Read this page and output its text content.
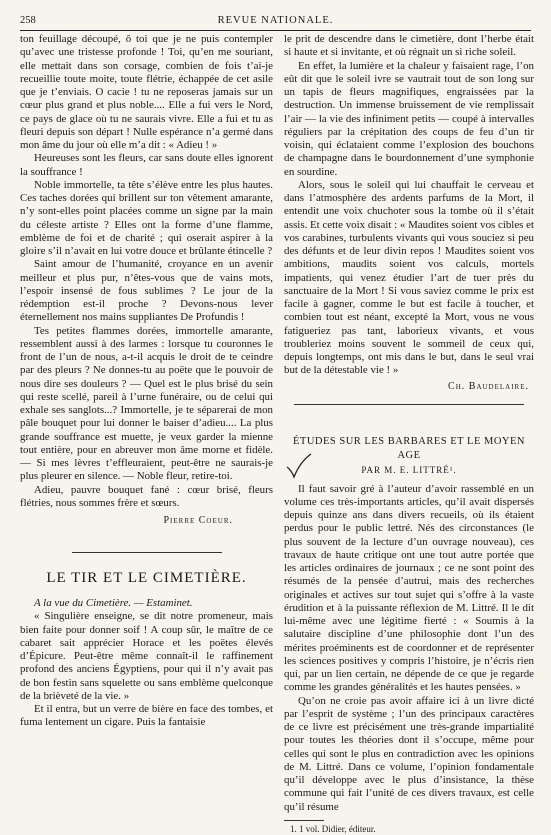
258	REVUE NATIONALE.

ton feuillage découpé, ô toi que je ne puis contempler qu’avec une tristesse profonde ! Toi, qu’en me souriant, elle mettait dans son corsage, combien de fois t’ai-je recueillie toute moite, toute flétrie, échappée de cet asile que je t’enviais. O cacie ! tu ne reposeras jamais sur un cœur plus grand et plus noble.... Elle a fui vers le Nord, ce pays de glace où tu ne saurais vivre. Elle a fui et tu as fleuri depuis son départ ! Nulle espérance n’a germé dans mon âme du jour où elle m’a dit : « Adieu ! »

Heureuses sont les fleurs, car sans doute elles ignorent la souffrance !

Noble immortelle, ta tête s’élève entre les plus hautes. Ces taches dorées qui brillent sur ton vêtement amarante, n’y sont-elles point placées comme un signe par la main du céleste artiste ? Elles ont la forme d’une flamme, emblème de foi et de charité ; qui oserait aspirer à la gloire s’il n’avait en lui votre douce et brûlante étincelle ?

Saint amour de l’humanité, croyance en un avenir meilleur et plus pur, n’êtes-vous que de vains mots, l’espoir insensé de fous sublimes ? Le jour de la rédemption est-il proche ? Devons-nous lever éternellement nos mains suppliantes De Profundis !

Tes petites flammes dorées, immortelle amarante, ressemblent aussi à des larmes : lorsque tu couronnes le front de l’un de nous, a-t-il acquis le droit de te ceindre par des pleurs ? Ne donnes-tu au poëte que le pouvoir de nous dire ses douleurs ? — Quel est le plus brisé du sein qui reste scellé, pareil à l’urne funéraire, ou de celui qui exhale ses sanglots...? Immortelle, je te séparerai de mon pâle bouquet pour lui donner le baiser d’adieu.... La plus grande souffrance est muette, je veux garder la mienne tout entière, pour en abreuver mon âme morne et fidèle. — Si mes lèvres t’effleuraient, peut-être ne saurais-je plus pleurer en silence. — Noble fleur, retire-toi.

Adieu, pauvre bouquet fané : cœur brisé, fleurs flétries, nous sommes frère et sœurs.

Pierre Coeur.
LE TIR ET LE CIMETIÈRE.

A la vue du Cimetière. — Estaminet.

« Singulière enseigne, se dit notre promeneur, mais bien faite pour donner soif ! A coup sûr, le maître de ce cabaret sait apprécier Horace et les poëtes élevés d’Épicure. Peut-être même connaît-il le raffinement profond des anciens Égyptiens, pour qui il n’y avait pas de bon festin sans squelette ou sans emblème quelconque de la brièveté de la vie. »

Et il entra, but un verre de bière en face des tombes, et fuma lentement un cigare. Puis la fantaisie

le prit de descendre dans le cimetière, dont l’herbe était si haute et si invitante, et où régnait un si riche soleil.

En effet, la lumière et la chaleur y faisaient rage, l’on eût dit que le soleil ivre se vautrait tout de son long sur un tapis de fleurs magnifiques, engraissées par la destruction. Un immense bruissement de vie remplissait l’air — la vie des infiniment petits — coupé à intervalles réguliers par la crépitation des coups de feu d’un tir voisin, qui éclataient comme l’explosion des bouchons de champagne dans le bourdonnement d’une symphonie en sourdine.

Alors, sous le soleil qui lui chauffait le cerveau et dans l’atmosphère des ardents parfums de la Mort, il entendit une voix chuchoter sous la tombe où il s’était assis. Et cette voix disait : « Maudites soient vos cibles et vos carabines, turbulents vivants qui vous souciez si peu des défunts et de leur divin repos ! Maudites soient vos ambitions, maudits soient vos calculs, mortels impatients, qui venez étudier l’art de tuer près du sanctuaire de la Mort ! Si vous saviez comme le prix est facile à gagner, comme le but est facile à toucher, et combien tout est néant, excepté la Mort, vous ne vous fatigueriez pas tant, laborieux vivants, et vous troubleriez moins souvent le sommeil de ceux qui, depuis longtemps, ont mis dans le but, dans le seul vrai but de la détestable vie ! »

Ch. Baudelaire.
ÉTUDES SUR LES BARBARES ET LE MOYEN AGE
PAR M. E. LITTRÉ¹.

Il faut savoir gré à l’auteur d’avoir rassemblé en un volume ces très-importants articles, qu’il avait dispersés depuis quinze ans dans divers recueils, où ils étaient perdus pour le public lettré. Nés des circonstances (le plus souvent de la lecture d’un ouvrage nouveau), ces travaux de haute critique ont une tout autre portée que les articles ordinaires de journaux ; ce ne sont point des résumés de la pensée d’autrui, mais des recherches originales et actives sur tout sujet qui s’offre à la vaste érudition et à la puissante réflexion de M. Littré. Il le dit lui-même avec une légitime fierté : « Soumis à la salutaire discipline d’une philosophie dont l’un des mérites proéminents est de coordonner et de représenter les sciences positives y compris l’histoire, je n’écris rien qui, par un lien certain, ne dépende de ce que je regarde comme les grandes généralités et les hautes pensées. »

Qu’on ne croie pas avoir affaire ici à un livre dicté par l’esprit de système ; l’un des principaux caractères de ce livre est précisément une très-grande impartialité pour toutes les théories dont il s’occupe, même pour celles qui sont le plus en contradiction avec les opinions de M. Littré. Dans ce volume, l’opinion fondamentale qu’il développe avec le plus d’insistance, la thèse commune qui fait l’unité de ces divers travaux, est celle qu’il résume

1. 1 vol. Didier, éditeur.
